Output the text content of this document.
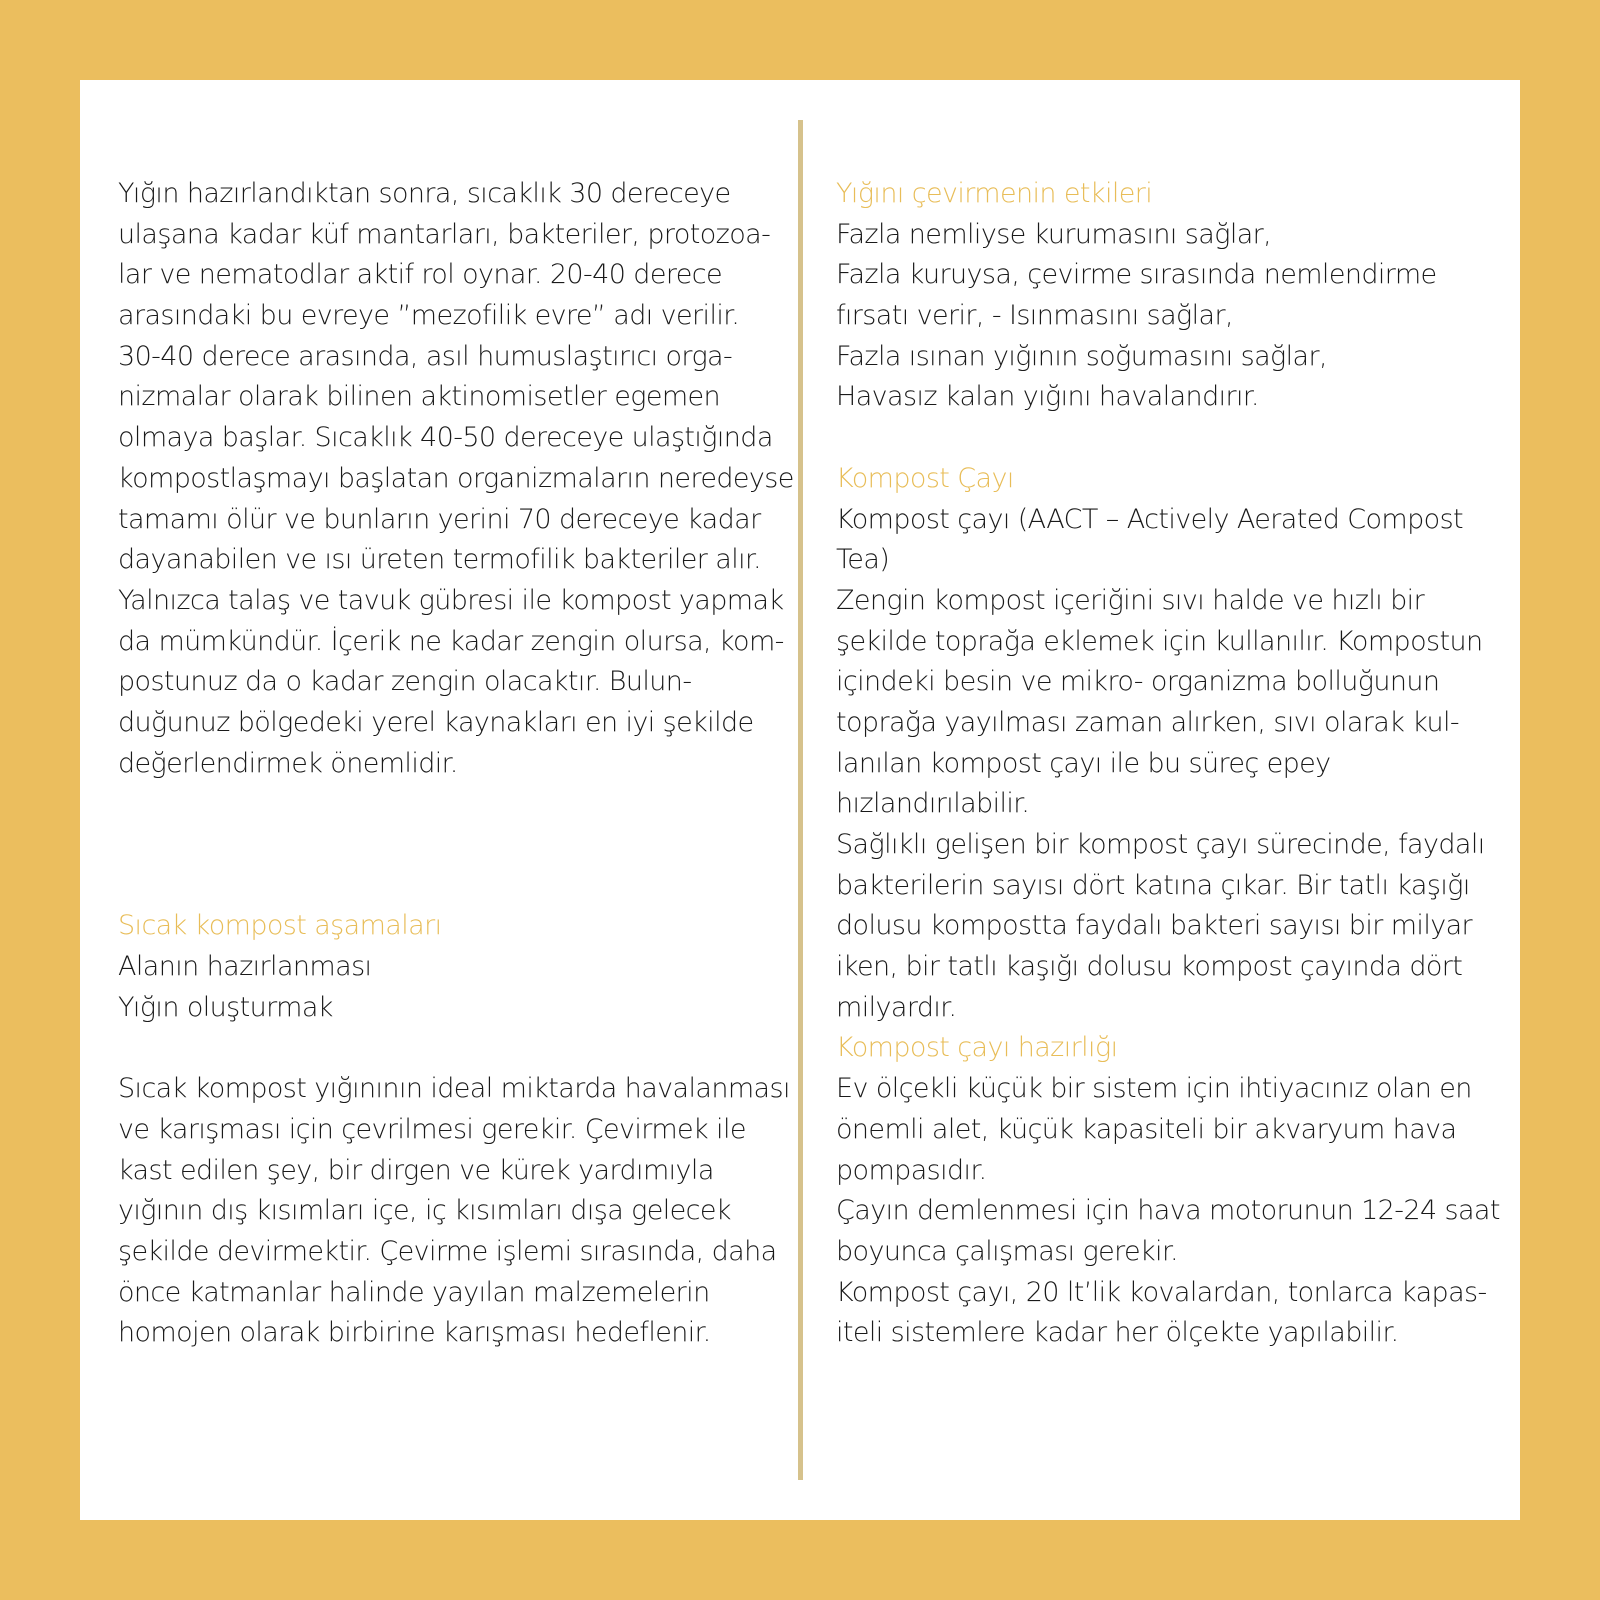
Yığın hazırlandıktan sonra, sıcaklık 30 dereceye
ulaşana kadar küf mantarları, bakteriler, protozoa-
lar ve nematodlar aktif rol oynar. 20-40 derece
arasındaki bu evreye ”mezofilik evre” adı verilir.
30-40 derece arasında, asıl humuslaştırıcı orga-
nizmalar olarak bilinen aktinomisetler egemen
olmaya başlar. Sıcaklık 40-50 dereceye ulaştığında
kompostlaşmayı başlatan organizmaların neredeyse
tamamı ölür ve bunların yerini 70 dereceye kadar
dayanabilen ve ısı üreten termofilik bakteriler alır.
Yalnızca talaş ve tavuk gübresi ile kompost yapmak
da mümkündür. İçerik ne kadar zengin olursa, kom-
postunuz da o kadar zengin olacaktır. Bulun-
duğunuz bölgedeki yerel kaynakları en iyi şekilde
değerlendirmek önemlidir.
Sıcak kompost aşamaları
Alanın hazırlanması
Yığın oluşturmak
Sıcak kompost yığınının ideal miktarda havalanması
ve karışması için çevrilmesi gerekir. Çevirmek ile
kast edilen şey, bir dirgen ve kürek yardımıyla
yığının dış kısımları içe, iç kısımları dışa gelecek
şekilde devirmektir. Çevirme işlemi sırasında, daha
önce katmanlar halinde yayılan malzemelerin
homojen olarak birbirine karışması hedeflenir.
Yığını çevirmenin etkileri
Fazla nemliyse kurumasını sağlar,
Fazla kuruysa, çevirme sırasında nemlendirme
fırsatı verir, - Isınmasını sağlar,
Fazla ısınan yığının soğumasını sağlar,
Havasız kalan yığını havalandırır.
Kompost Çayı
Kompost çayı (AACT – Actively Aerated Compost
Tea)
Zengin kompost içeriğini sıvı halde ve hızlı bir
şekilde toprağa eklemek için kullanılır. Kompostun
içindeki besin ve mikro- organizma bolluğunun
toprağa yayılması zaman alırken, sıvı olarak kul-
lanılan kompost çayı ile bu süreç epey
hızlandırılabilir.
Sağlıklı gelişen bir kompost çayı sürecinde, faydalı
bakterilerin sayısı dört katına çıkar. Bir tatlı kaşığı
dolusu kompostta faydalı bakteri sayısı bir milyar
iken, bir tatlı kaşığı dolusu kompost çayında dört
milyardır.
Kompost çayı hazırlığı
Ev ölçekli küçük bir sistem için ihtiyacınız olan en
önemli alet, küçük kapasiteli bir akvaryum hava
pompasıdır.
Çayın demlenmesi için hava motorunun 12-24 saat
boyunca çalışması gerekir.
Kompost çayı, 20 lt’lik kovalardan, tonlarca kapas-
iteli sistemlere kadar her ölçekte yapılabilir.
